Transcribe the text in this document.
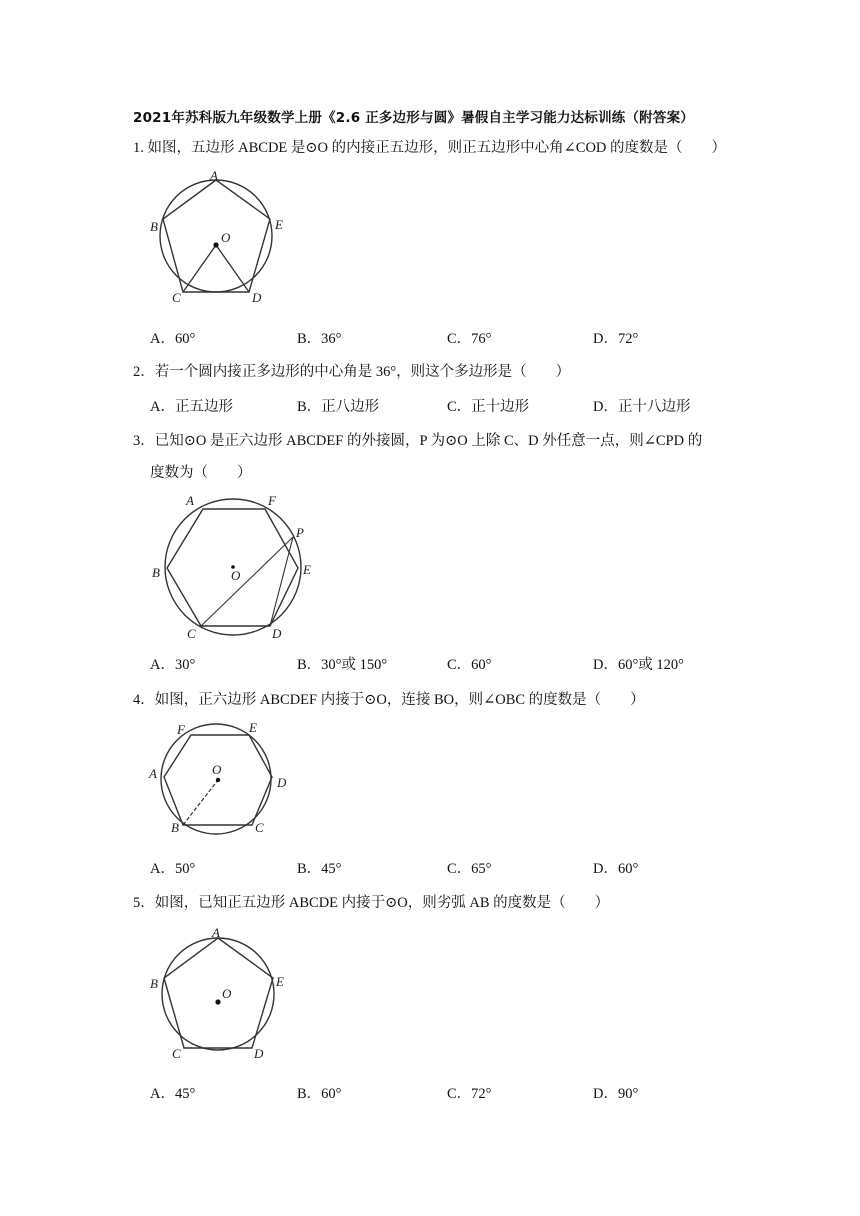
2021年苏科版九年级数学上册《2.6 正多边形与圆》暑假自主学习能力达标训练（附答案）
1. 如图，五边形 ABCDE 是⊙O 的内接正五边形，则正五边形中心角∠COD 的度数是（　　）
A
B
C	D
E
O
A．60°	B．36°	C．76°	D．72°
2．若一个圆内接正多边形的中心角是 36°，则这个多边形是（　　）
A．正五边形	B．正八边形	C．正十边形	D．正十八边形
3．已知⊙O 是正六边形 ABCDEF 的外接圆，P 为⊙O 上除 C、D 外任意一点，则∠CPD 的
度数为（　　）
A	F
P
B	O	E
C	D
A．30°	B．30°或 150°	C．60°	D．60°或 120°
4．如图，正六边形 ABCDEF 内接于⊙O，连接 BO，则∠OBC 的度数是（　　）
F	E
A	O
D
B	C
A．50°	B．45°	C．65°	D．60°
5．如图，已知正五边形 ABCDE 内接于⊙O，则劣弧 AB 的度数是（　　）
A
B	E
O
C	D
A．45°	B．60°	C．72°	D．90°
